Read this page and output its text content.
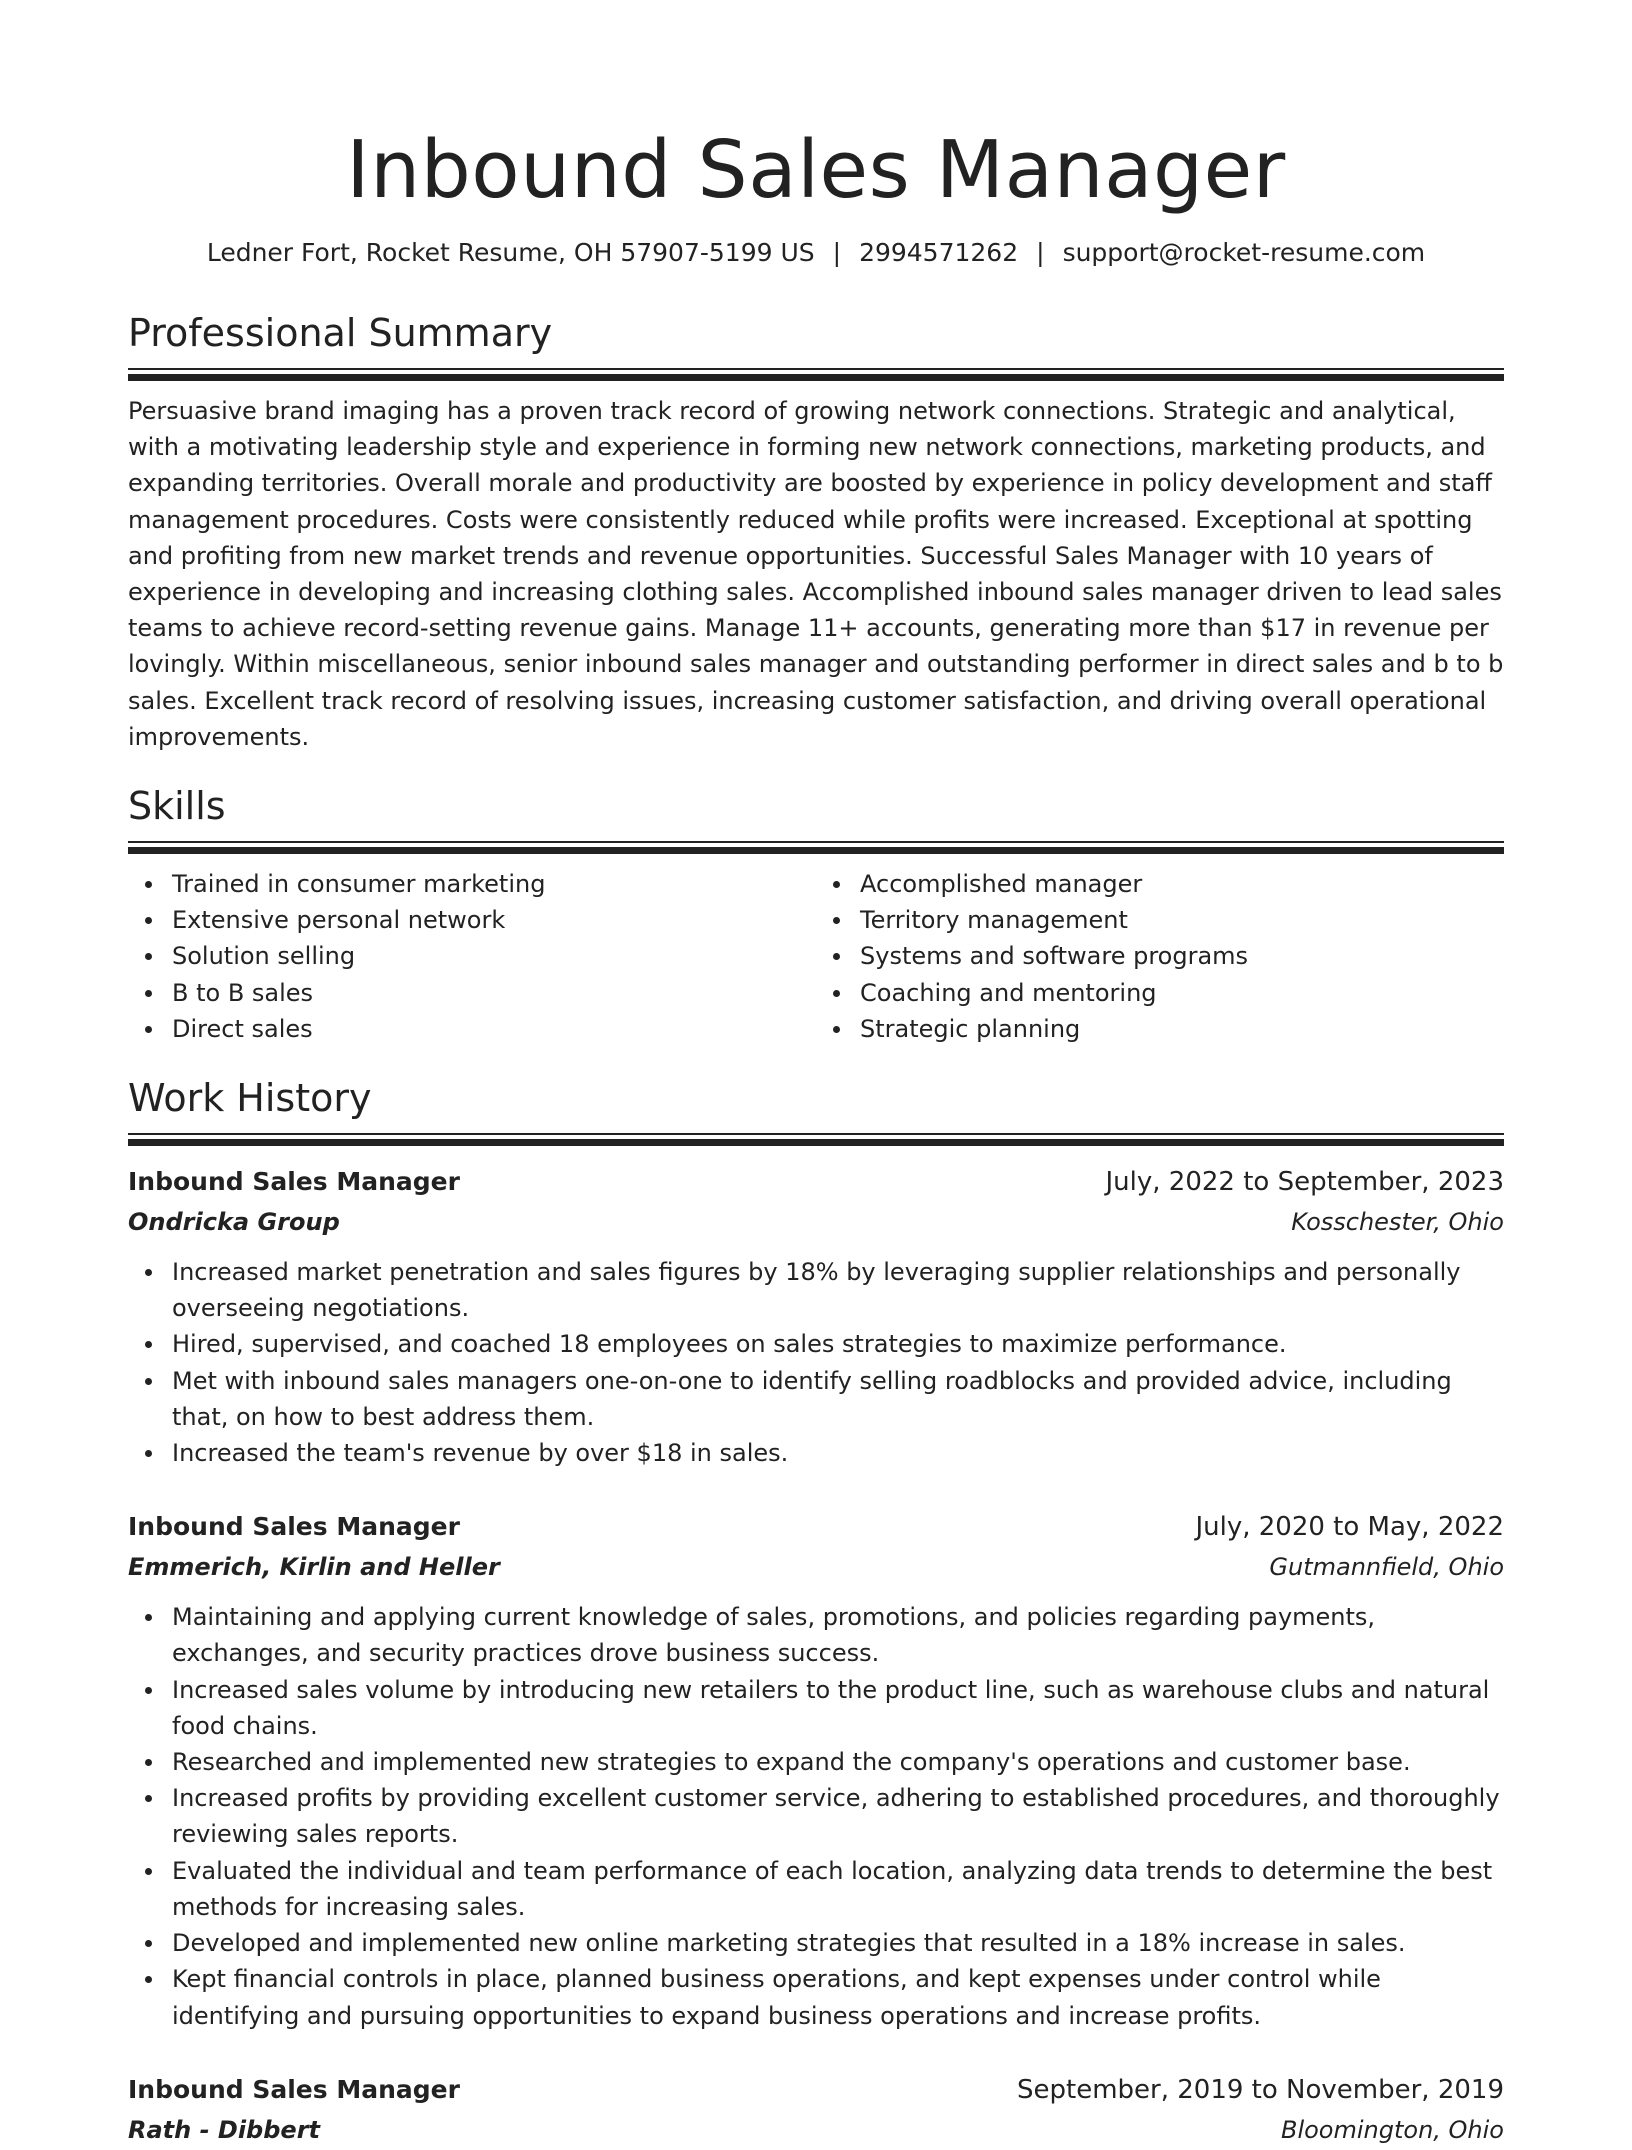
Inbound Sales Manager
Ledner Fort, Rocket Resume, OH 57907-5199 US | 2994571262 | support@rocket-resume.com
Professional Summary

Persuasive brand imaging has a proven track record of growing network connections. Strategic and analytical, with a motivating leadership style and experience in forming new network connections, marketing products, and expanding territories. Overall morale and productivity are boosted by experience in policy development and staff management procedures. Costs were consistently reduced while profits were increased. Exceptional at spotting and profiting from new market trends and revenue opportunities. Successful Sales Manager with 10 years of experience in developing and increasing clothing sales. Accomplished inbound sales manager driven to lead sales teams to achieve record-setting revenue gains. Manage 11+ accounts, generating more than $17 in revenue per lovingly. Within miscellaneous, senior inbound sales manager and outstanding performer in direct sales and b to b sales. Excellent track record of resolving issues, increasing customer satisfaction, and driving overall operational improvements.

Skills
Trained in consumer marketing
Extensive personal network
Solution selling
B to B sales
Direct sales
Accomplished manager
Territory management
Systems and software programs
Coaching and mentoring
Strategic planning
Work History
Inbound Sales Manager	July, 2022 to September, 2023
Ondricka Group	Kosschester, Ohio
Increased market penetration and sales figures by 18% by leveraging supplier relationships and personally overseeing negotiations.
Hired, supervised, and coached 18 employees on sales strategies to maximize performance.
Met with inbound sales managers one-on-one to identify selling roadblocks and provided advice, including that, on how to best address them.
Increased the team's revenue by over $18 in sales.
Inbound Sales Manager	July, 2020 to May, 2022
Emmerich, Kirlin and Heller	Gutmannfield, Ohio
Maintaining and applying current knowledge of sales, promotions, and policies regarding payments, exchanges, and security practices drove business success.
Increased sales volume by introducing new retailers to the product line, such as warehouse clubs and natural food chains.
Researched and implemented new strategies to expand the company's operations and customer base.
Increased profits by providing excellent customer service, adhering to established procedures, and thoroughly reviewing sales reports.
Evaluated the individual and team performance of each location, analyzing data trends to determine the best methods for increasing sales.
Developed and implemented new online marketing strategies that resulted in a 18% increase in sales.
Kept financial controls in place, planned business operations, and kept expenses under control while identifying and pursuing opportunities to expand business operations and increase profits.
Inbound Sales Manager	September, 2019 to November, 2019
Rath - Dibbert	Bloomington, Ohio
